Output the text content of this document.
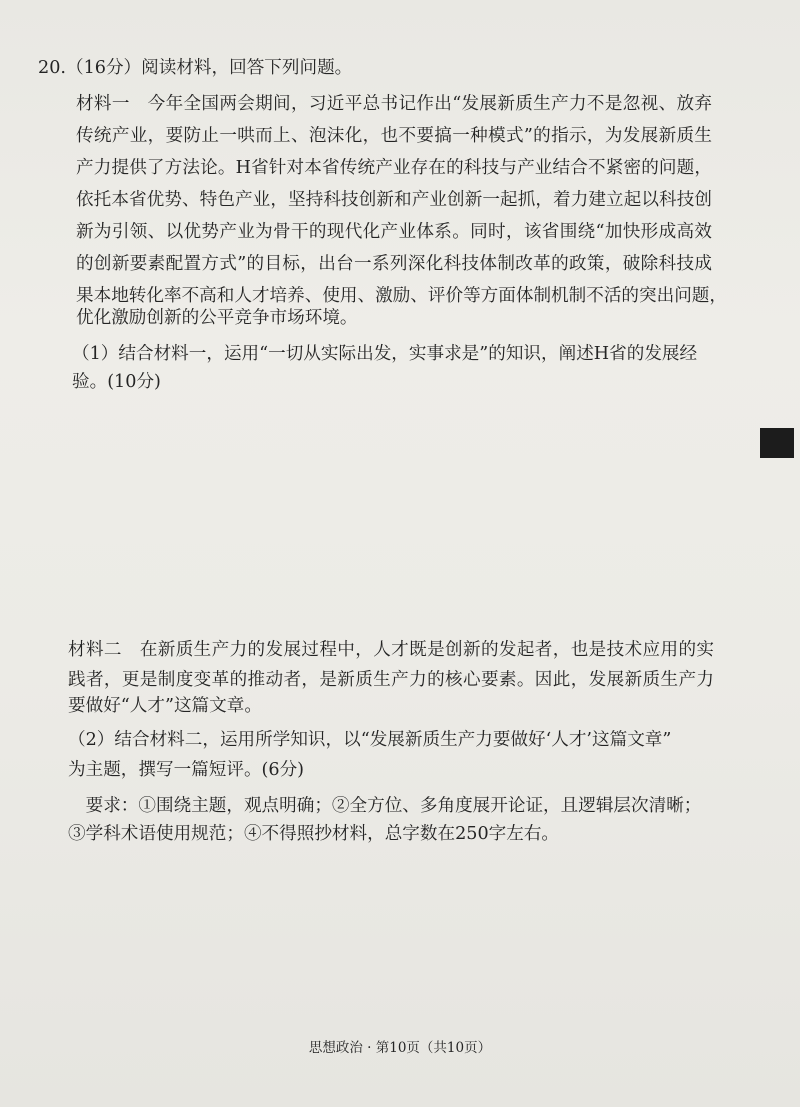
20.（16分）阅读材料，回答下列问题。
材料一　今年全国两会期间，习近平总书记作出“发展新质生产力不是忽视、放弃
传统产业，要防止一哄而上、泡沫化，也不要搞一种模式”的指示，为发展新质生
产力提供了方法论。H省针对本省传统产业存在的科技与产业结合不紧密的问题，
依托本省优势、特色产业，坚持科技创新和产业创新一起抓，着力建立起以科技创
新为引领、以优势产业为骨干的现代化产业体系。同时，该省围绕“加快形成高效
的创新要素配置方式”的目标，出台一系列深化科技体制改革的政策，破除科技成
果本地转化率不高和人才培养、使用、激励、评价等方面体制机制不活的突出问题，
优化激励创新的公平竞争市场环境。
（1）结合材料一，运用“一切从实际出发，实事求是”的知识，阐述H省的发展经
验。(10分)
材料二　在新质生产力的发展过程中，人才既是创新的发起者，也是技术应用的实
践者，更是制度变革的推动者，是新质生产力的核心要素。因此，发展新质生产力
要做好“人才”这篇文章。
（2）结合材料二，运用所学知识，以“发展新质生产力要做好‘人才’这篇文章”
为主题，撰写一篇短评。(6分)
　要求：①围绕主题，观点明确；②全方位、多角度展开论证，且逻辑层次清晰；
③学科术语使用规范；④不得照抄材料，总字数在250字左右。
思想政治 · 第10页（共10页）
